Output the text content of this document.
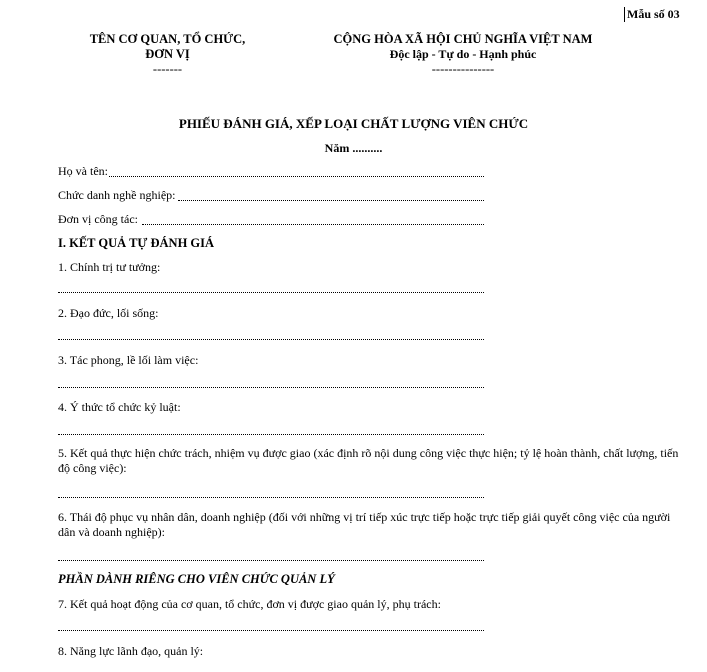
Mẫu số 03
TÊN CƠ QUAN, TỔ CHỨC,
ĐƠN VỊ
-------
CỘNG HÒA XÃ HỘI CHỦ NGHĨA VIỆT NAM
Độc lập - Tự do - Hạnh phúc
---------------
PHIẾU ĐÁNH GIÁ, XẾP LOẠI CHẤT LƯỢNG VIÊN CHỨC
Năm ..........
Họ và tên:
Chức danh nghề nghiệp:
Đơn vị công tác:
I. KẾT QUẢ TỰ ĐÁNH GIÁ
1. Chính trị tư tưởng:
2. Đạo đức, lối sống:
3. Tác phong, lề lối làm việc:
4. Ý thức tổ chức kỷ luật:
5. Kết quả thực hiện chức trách, nhiệm vụ được giao (xác định rõ nội dung công việc thực hiện; tỷ lệ hoàn thành, chất lượng, tiến độ công việc):
6. Thái độ phục vụ nhân dân, doanh nghiệp (đối với những vị trí tiếp xúc trực tiếp hoặc trực tiếp giải quyết công việc của người dân và doanh nghiệp):
PHẦN DÀNH RIÊNG CHO VIÊN CHỨC QUẢN LÝ
7. Kết quả hoạt động của cơ quan, tổ chức, đơn vị được giao quản lý, phụ trách:
8. Năng lực lãnh đạo, quản lý:
